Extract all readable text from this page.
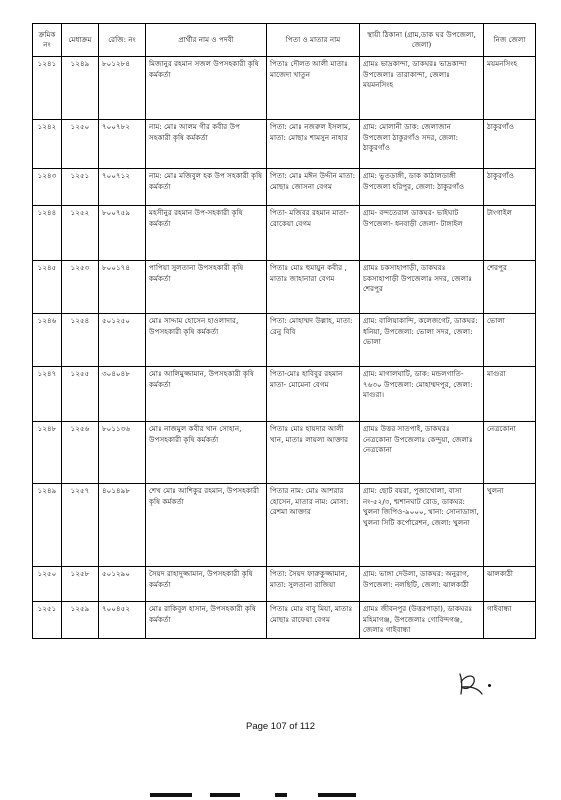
ক্রমিক নং	মেধাক্রম	রেজি: নং	প্রার্থীর নাম ও পদবী	পিতা ও মাতার নাম	স্থায়ী ঠিকানা (গ্রাম,ডাক ঘর উপজেলা, জেলা)	নিজ জেলা
১২৪১	১২৪৯	৮০১২৮৪	মিজানুর রহমান সজল উপসহকারী কৃষি কর্মকর্তা	পিতাঃ দৌলত আলী মাতাঃ মাজেদা খাতুন	গ্রামঃ ভাদ্রকান্দা, ডাকঘরঃ ভাদ্রকান্দা উপজেলাঃ তারাকান্দা, জেলাঃ ময়মনসিংহ	ময়মনসিংহ
১২৪২	১২৫০	৭০০৭৮২	নাম: মোঃ আলম গীর কবীর উপ সহকারী কৃষি কর্মকর্তা	পিতা: মোঃ নজরুল ইসলাম, মাতা: মোছাঃ শামসুন নাহার	গ্রাম: মোলানী ডাক: জেলাজান উপজেলা ঠাকুরগাঁও সদর, জেলা: ঠাকুরগাঁও	ঠাকুরগাঁও
১২৪৩	১২৫১	৭০০৭১২	নাম: মোঃ মজিবুল হক উপ সহকারী কৃষি কর্মকর্তা	পিতা: মোঃ মঈন উদ্দীন মাতা: মোছাঃ জোসনা বেগম	গ্রাম: ভুতডাঙ্গী, ডাক কাঠালডাঙ্গী উপজেলা হরিপুর, জেলা: ঠাকুরগাঁও	ঠাকুরগাঁও
১২৪৪	১২৫২	৮০০৭৫৯	মহসীনুর রহমান উপ-সহকারী কৃষি কর্মকর্তা	পিতা- মজিবর রহমান মাতা- রোকেয়া বেগম	গ্রাম- বন্দতেরাল ডাকঘর- ভাইঘাট উপজেলা- ধনবাড়ী জেলা- টাঙ্গাইল	টাংগাইল
১২৪৫	১২৫৩	৮০০১৭৪	পাপিয়া সুলতানা উপসহকারী কৃষি কর্মকর্তা	পিতাঃ মোঃ হুমায়ুন কবীর , মাতাঃ জাহানারা বেগম	গ্রামঃ চকসাহাপাড়ী, ডাকঘরঃ চকসাহাপাড়ী উপজেলাঃ সদর, জেলাঃ শেরপুর	শেরপুর
১২৪৬	১২৫৪	৫০১২৫০	মোঃ সাদ্দাম হোসেন হাওলাদার, উপসহকারী কৃষি কর্মকর্তা	পিতা: মোহাম্মদ উল্লাহ, মাতা: রেনু বিবি	গ্রাম: বালিয়াকান্দি, কলেজগেট, ডাকঘর: ধনিয়া, উপজেলা: ভোলা সদর, জেলা: ভোলা	ভোলা
১২৪৭	১২৫৫	৩০৪০৪৮	মোঃ আলিমুজ্জামান, উপসহকারী কৃষি কর্মকর্তা	পিতা-মোঃ হাবিবুর রহমান মাতা- মোমেনা বেগম	গ্রাম: মাগালঘাটি, ডাক: মন্ডলগাতি- ৭৬৩০ উপজেলা: মোহাম্মদপুর, জেলা: মাগুরা।	মাগুরা
১২৪৮	১২৫৬	৮০১১৩৬	মোঃ নাজমুল কবীর খান সোহান, উপসহকারী কৃষি কর্মকর্তা	পিতাঃ মোঃ হায়দার আলী খান, মাতাঃ লায়লা আক্তার	গ্রামঃ উত্তর সাতপাই, ডাকঘরঃ নেত্রকোনা উপজেলাঃ কেন্দুয়া, জেলাঃ নেত্রকোনা	নেত্রকোনা
১২৪৯	১২৫৭	৪০১৪৯৮	শেখ মোঃ আশিকুর রহমান, উপসহকারী কৃষি কর্মকর্তা	পিতার নাম: মোঃ আশরার হোসেন, মাতার নাম: মোসা: রেশমা আক্তার	গ্রাম: ছোট বয়রা, পুজাখোলা, বাসা নং-৫২/৩, শ্মশানঘাট রোড, ডাকঘর: খুলনা জিপিও-৯০০০, থানা: সোনাডাঙ্গা, খুলনা সিটি কর্পোরেশন, জেলা: খুলনা	খুলনা
১২৫০	১২৫৮	৫০১২৯০	সৈয়দ রাহাদুজ্জামান, উপসহকারী কৃষি কর্মকর্তা	পিতা: সৈয়দ ফারুকুজ্জামান, মাতা: সুলতানা রাজিয়া	গ্রাম: ভাঙ্গা দেউলা, ডাকঘর: অনুরাগ, উপজেলা: নলছিটি, জেলা: ঝালকাঠী	ঝালকাঠী
১২৫১	১২৫৯	৭০০৪৫২	মোঃ রাকিবুল হাসান, উপসহকারী কৃষি কর্মকর্তা	পিতাঃ মোঃ বাবু মিয়া, মাতাঃ মোছাঃ রাফেয়া বেগম	গ্রামঃ জীবনপুর (উত্তরপাড়া), ডাকঘরঃ মহিমাগঞ্জ, উপজেলাঃ গোবিন্দগঞ্জ, জেলাঃ গাইবান্ধা	গাইবান্ধা
Page 107 of 112
